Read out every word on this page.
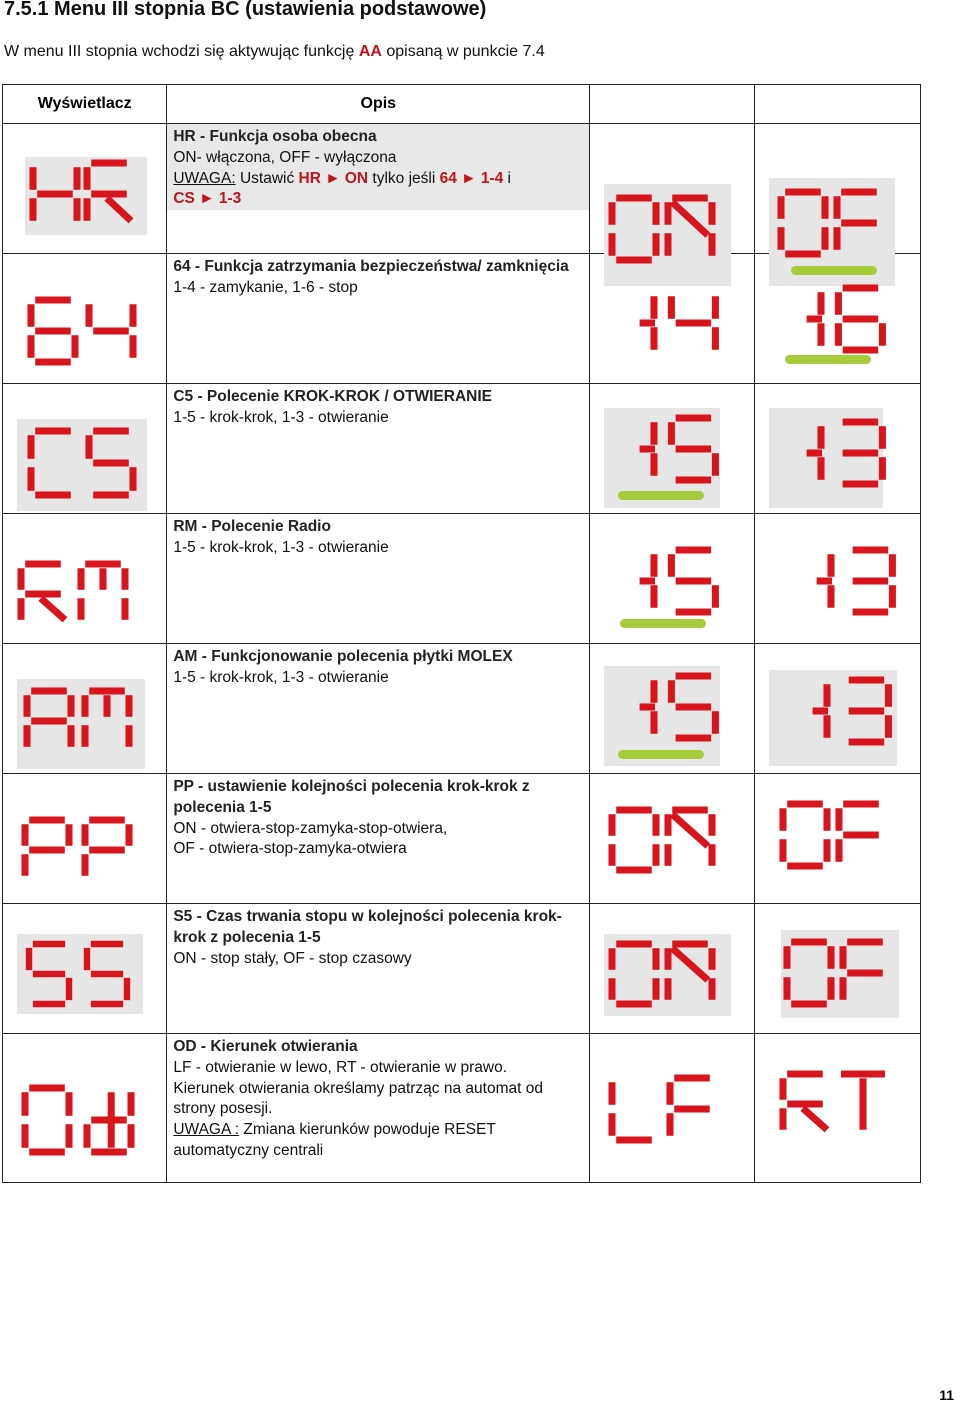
7.5.1 Menu III stopnia BC (ustawienia podstawowe)
W menu III stopnia wchodzi się aktywując funkcję AA opisaną w punkcie 7.4
Wyświetlacz	Opis		

HR - Funkcja osoba obecna
ON- włączona, OFF - wyłączona
UWAGA: Ustawić HR ► ON tylko jeśli 64 ► 1-4 i
CS ► 1-3

64 - Funkcja zatrzymania bezpieczeństwa/ zamknięcia
1-4 - zamykanie, 1-6 - stop

C5 - Polecenie KROK-KROK / OTWIERANIE
1-5 - krok-krok, 1-3 - otwieranie

RM - Polecenie Radio
1-5 - krok-krok, 1-3 - otwieranie

AM - Funkcjonowanie polecenia płytki MOLEX
1-5 - krok-krok, 1-3 - otwieranie

PP - ustawienie kolejności polecenia krok-krok z polecenia 1-5
ON - otwiera-stop-zamyka-stop-otwiera,
OF - otwiera-stop-zamyka-otwiera

S5 - Czas trwania stopu w kolejności polecenia krok-krok z polecenia 1-5
ON - stop stały, OF - stop czasowy

OD - Kierunek otwierania
LF - otwieranie w lewo, RT - otwieranie w prawo.
Kierunek otwierania określamy patrząc na automat od strony posesji.
UWAGA : Zmiana kierunków powoduje RESET automatyczny centrali

11
